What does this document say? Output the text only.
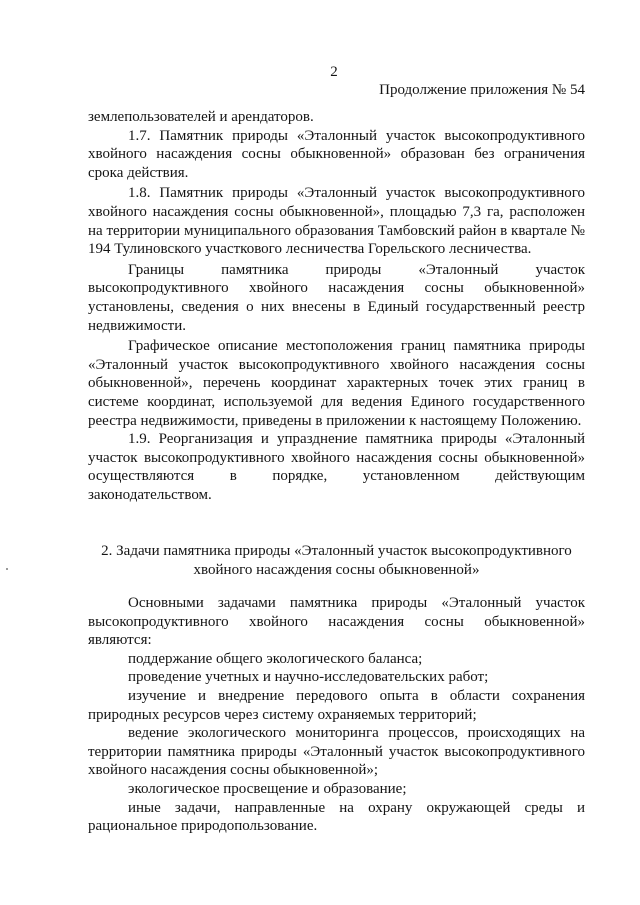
2
Продолжение приложения № 54

землепользователей и арендаторов.

1.7. Памятник природы «Эталонный участок высокопродуктивного хвойного насаждения сосны обыкновенной» образован без ограничения срока действия.

1.8. Памятник природы «Эталонный участок высокопродуктивного хвойного насаждения сосны обыкновенной», площадью 7,3 га, расположен на территории муниципального образования Тамбовский район в квартале № 194 Тулиновского участкового лесничества Горельского лесничества.

Границы памятника природы «Эталонный участок высокопродуктивного хвойного насаждения сосны обыкновенной» установлены, сведения о них внесены в Единый государственный реестр недвижимости.

Графическое описание местоположения границ памятника природы «Эталонный участок высокопродуктивного хвойного насаждения сосны обыкновенной», перечень координат характерных точек этих границ в системе координат, используемой для ведения Единого государственного реестра недвижимости, приведены в приложении к настоящему Положению.

1.9. Реорганизация и упразднение памятника природы «Эталонный участок высокопродуктивного хвойного насаждения сосны обыкновенной» осуществляются в порядке, установленном действующим законодательством.

2. Задачи памятника природы «Эталонный участок высокопродуктивного
хвойного насаждения сосны обыкновенной»

Основными задачами памятника природы «Эталонный участок высокопродуктивного хвойного насаждения сосны обыкновенной» являются:

поддержание общего экологического баланса;

проведение учетных и научно-исследовательских работ;

изучение и внедрение передового опыта в области сохранения природных ресурсов через систему охраняемых территорий;

ведение экологического мониторинга процессов, происходящих на территории памятника природы «Эталонный участок высокопродуктивного хвойного насаждения сосны обыкновенной»;

экологическое просвещение и образование;

иные задачи, направленные на охрану окружающей среды и рациональное природопользование.
